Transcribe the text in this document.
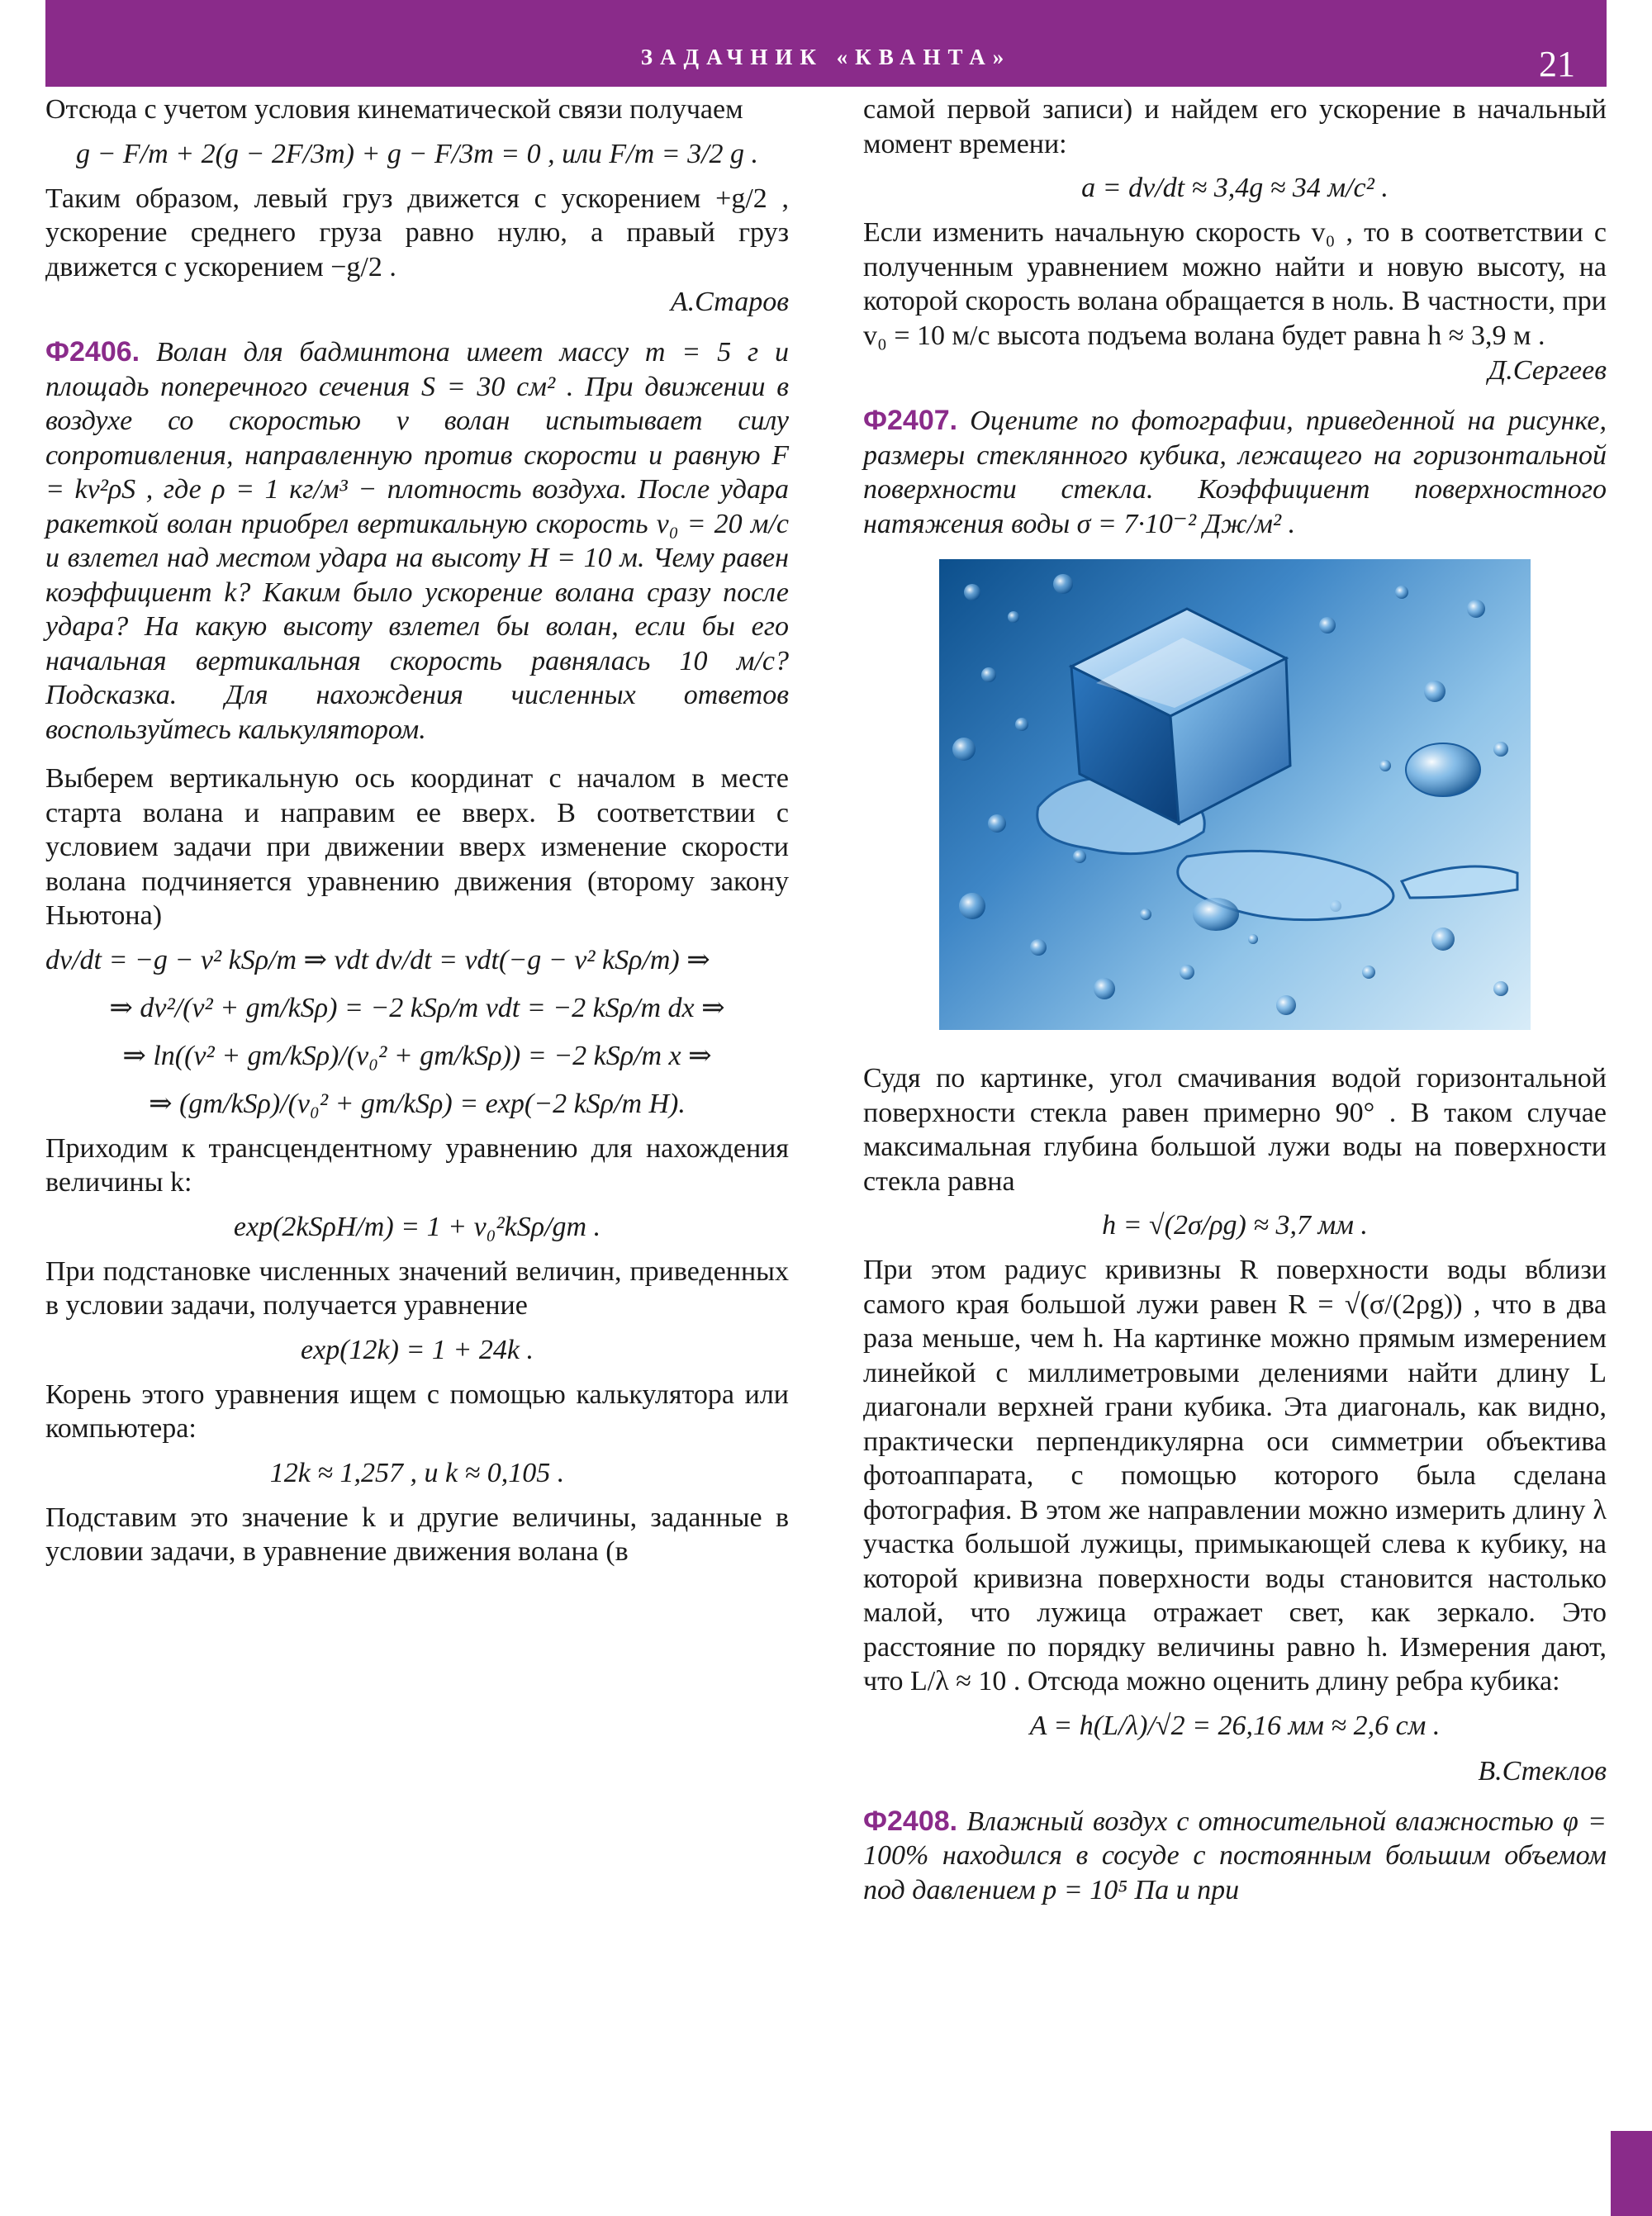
ЗАДАЧНИК «КВАНТА»	21

Отсюда с учетом условия кинематической связи получаем

g − F/m + 2(g − 2F/3m) + g − F/3m = 0 , или F/m = 3/2 g .

Таким образом, левый груз движется с ускорением +g/2 , ускорение среднего груза равно нулю, а правый груз движется с ускорением −g/2 .

А.Старов

Ф2406. Волан для бадминтона имеет массу m = 5 г и площадь поперечного сечения S = 30 см² . При движении в воздухе со скоростью v волан испытывает силу сопротивления, направленную против скорости и равную F = kv²ρS , где ρ = 1 кг/м³ − плотность воздуха. После удара ракеткой волан приобрел вертикальную скорость v₀ = 20 м/с и взлетел над местом удара на высоту H = 10 м. Чему равен коэффициент k? Каким было ускорение волана сразу после удара? На какую высоту взлетел бы волан, если бы его начальная вертикальная скорость равнялась 10 м/с? Подсказка. Для нахождения численных ответов воспользуйтесь калькулятором.

Выберем вертикальную ось координат с началом в месте старта волана и направим ее вверх. В соответствии с условием задачи при движении вверх изменение скорости волана подчиняется уравнению движения (второму закону Ньютона)

dv/dt = −g − v² kSρ/m ⇒ vdt dv/dt = vdt(−g − v² kSρ/m) ⇒
⇒ dv²/(v² + gm/kSρ) = −2 kSρ/m vdt = −2 kSρ/m dx ⇒
⇒ ln((v² + gm/kSρ)/(v₀² + gm/kSρ)) = −2 kSρ/m x ⇒
⇒ (gm/kSρ)/(v₀² + gm/kSρ) = exp(−2 kSρ/m H).

Приходим к трансцендентному уравнению для нахождения величины k:

exp(2kSρH/m) = 1 + v₀²kSρ/gm .

При подстановке численных значений величин, приведенных в условии задачи, получается уравнение

exp(12k) = 1 + 24k .

Корень этого уравнения ищем с помощью калькулятора или компьютера:

12k ≈ 1,257 , и k ≈ 0,105 .

Подставим это значение k и другие величины, заданные в условии задачи, в уравнение движения волана (в

самой первой записи) и найдем его ускорение в начальный момент времени:

a = dv/dt ≈ 3,4g ≈ 34 м/с² .

Если изменить начальную скорость v₀ , то в соответствии с полученным уравнением можно найти и новую высоту, на которой скорость волана обращается в ноль. В частности, при v₀ = 10 м/с высота подъема волана будет равна h ≈ 3,9 м .

Д.Сергеев

Ф2407. Оцените по фотографии, приведенной на рисунке, размеры стеклянного кубика, лежащего на горизонтальной поверхности стекла. Коэффициент поверхностного натяжения воды σ = 7·10⁻² Дж/м² .

Судя по картинке, угол смачивания водой горизонтальной поверхности стекла равен примерно 90° . В таком случае максимальная глубина большой лужи воды на поверхности стекла равна

h = √(2σ/ρg) ≈ 3,7 мм .

При этом радиус кривизны R поверхности воды вблизи самого края большой лужи равен R = √(σ/(2ρg)) , что в два раза меньше, чем h. На картинке можно прямым измерением линейкой с миллиметровыми делениями найти длину L диагонали верхней грани кубика. Эта диагональ, как видно, практически перпендикулярна оси симметрии объектива фотоаппарата, с помощью которого была сделана фотография. В этом же направлении можно измерить длину λ участка большой лужицы, примыкающей слева к кубику, на которой кривизна поверхности воды становится настолько малой, что лужица отражает свет, как зеркало. Это расстояние по порядку величины равно h. Измерения дают, что L/λ ≈ 10 . Отсюда можно оценить длину ребра кубика:

A = h(L/λ)/√2 = 26,16 мм ≈ 2,6 см .
В.Стеклов

Ф2408. Влажный воздух с относительной влажностью φ = 100% находился в сосуде с постоянным большим объемом под давлением p = 10⁵ Па и при
